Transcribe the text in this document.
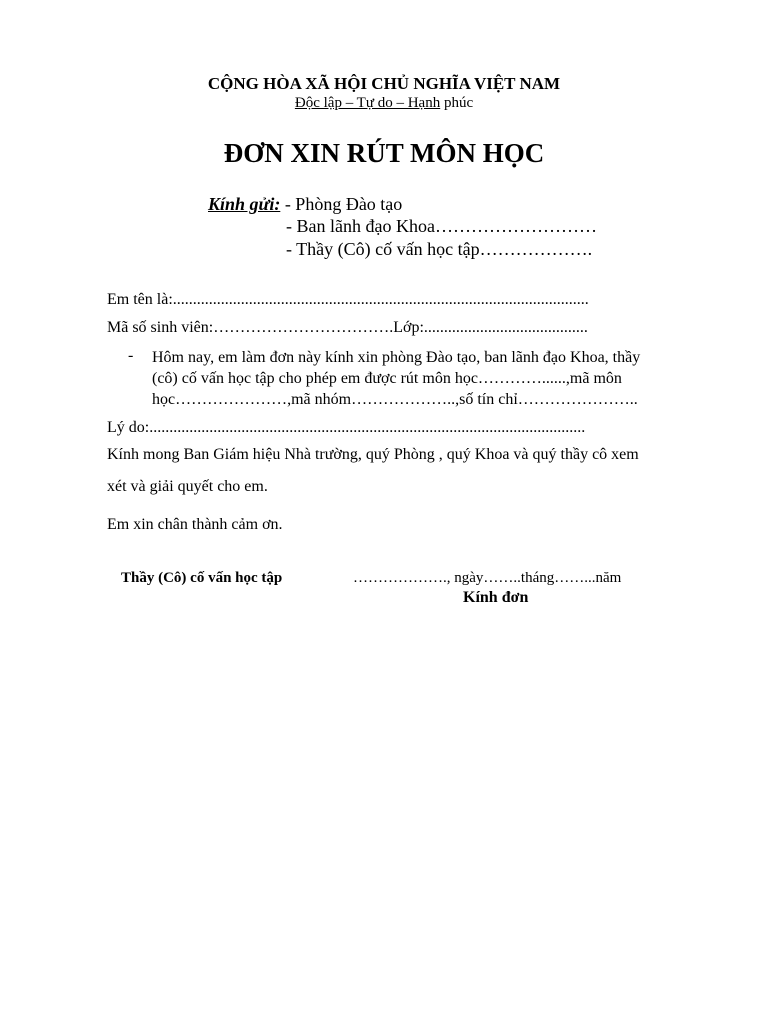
CỘNG HÒA XÃ HỘI CHỦ NGHĨA VIỆT NAM
Độc lập – Tự do – Hạnh phúc
ĐƠN XIN RÚT MÔN HỌC
Kính gửi: - Phòng Đào tạo
- Ban lãnh đạo Khoa………………………
- Thầy (Cô) cố vấn học tập……………….
Em tên là:........................................................................................................
Mã số sinh viên:…………………………….Lớp:.........................................
- Hôm nay, em làm đơn này kính xin phòng Đào tạo, ban lãnh đạo Khoa, thầy
(cô) cố vấn học tập cho phép em được rút môn học…………......,mã môn
học…………………,mã nhóm………………..,số tín chỉ…………………..
Lý do:.............................................................................................................
Kính mong Ban Giám hiệu Nhà trường, quý Phòng , quý Khoa và quý thầy cô xem
xét và giải quyết cho em.
Em xin chân thành cảm ơn.
Thầy (Cô) cố vấn học tập	………………., ngày……..tháng……...năm
Kính đơn
